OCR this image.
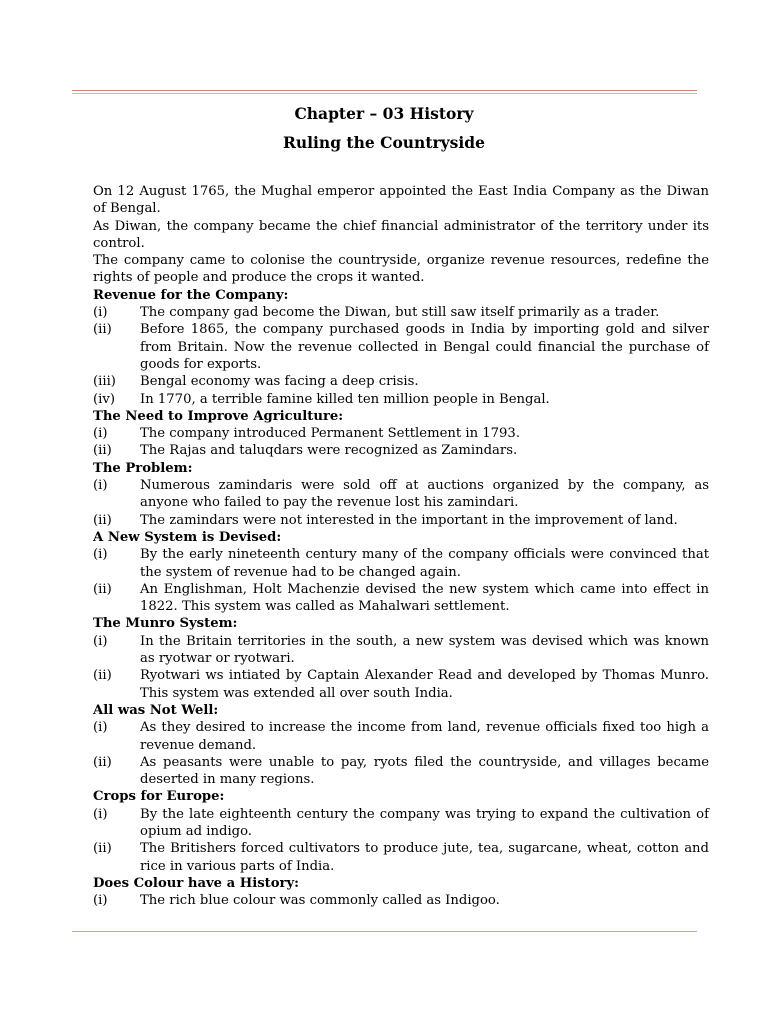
Chapter – 03 History
Ruling the Countryside

On 12 August 1765, the Mughal emperor appointed the East India Company as the Diwan of Bengal.

As Diwan, the company became the chief financial administrator of the territory under its control.

The company came to colonise the countryside, organize revenue resources, redefine the rights of people and produce the crops it wanted.

Revenue for the Company:

(i)	The company gad become the Diwan, but still saw itself primarily as a trader.
(ii)	Before 1865, the company purchased goods in India by importing gold and silver from Britain. Now the revenue collected in Bengal could financial the purchase of goods for exports.
(iii)	Bengal economy was facing a deep crisis.
(iv)	In 1770, a terrible famine killed ten million people in Bengal.

The Need to Improve Agriculture:

(i)	The company introduced Permanent Settlement in 1793.
(ii)	The Rajas and taluqdars were recognized as Zamindars.

The Problem:

(i)	Numerous zamindaris were sold off at auctions organized by the company, as anyone who failed to pay the revenue lost his zamindari.
(ii)	The zamindars were not interested in the important in the improvement of land.

A New System is Devised:

(i)	By the early nineteenth century many of the company officials were convinced that the system of revenue had to be changed again.
(ii)	An Englishman, Holt Machenzie devised the new system which came into effect in 1822. This system was called as Mahalwari settlement.

The Munro System:

(i)	In the Britain territories in the south, a new system was devised which was known as ryotwar or ryotwari.
(ii)	Ryotwari ws intiated by Captain Alexander Read and developed by Thomas Munro. This system was extended all over south India.

All was Not Well:

(i)	As they desired to increase the income from land, revenue officials fixed too high a revenue demand.
(ii)	As peasants were unable to pay, ryots filed the countryside, and villages became deserted in many regions.

Crops for Europe:

(i)	By the late eighteenth century the company was trying to expand the cultivation of opium ad indigo.
(ii)	The Britishers forced cultivators to produce jute, tea, sugarcane, wheat, cotton and rice in various parts of India.

Does Colour have a History:

(i)	The rich blue colour was commonly called as Indigoo.
